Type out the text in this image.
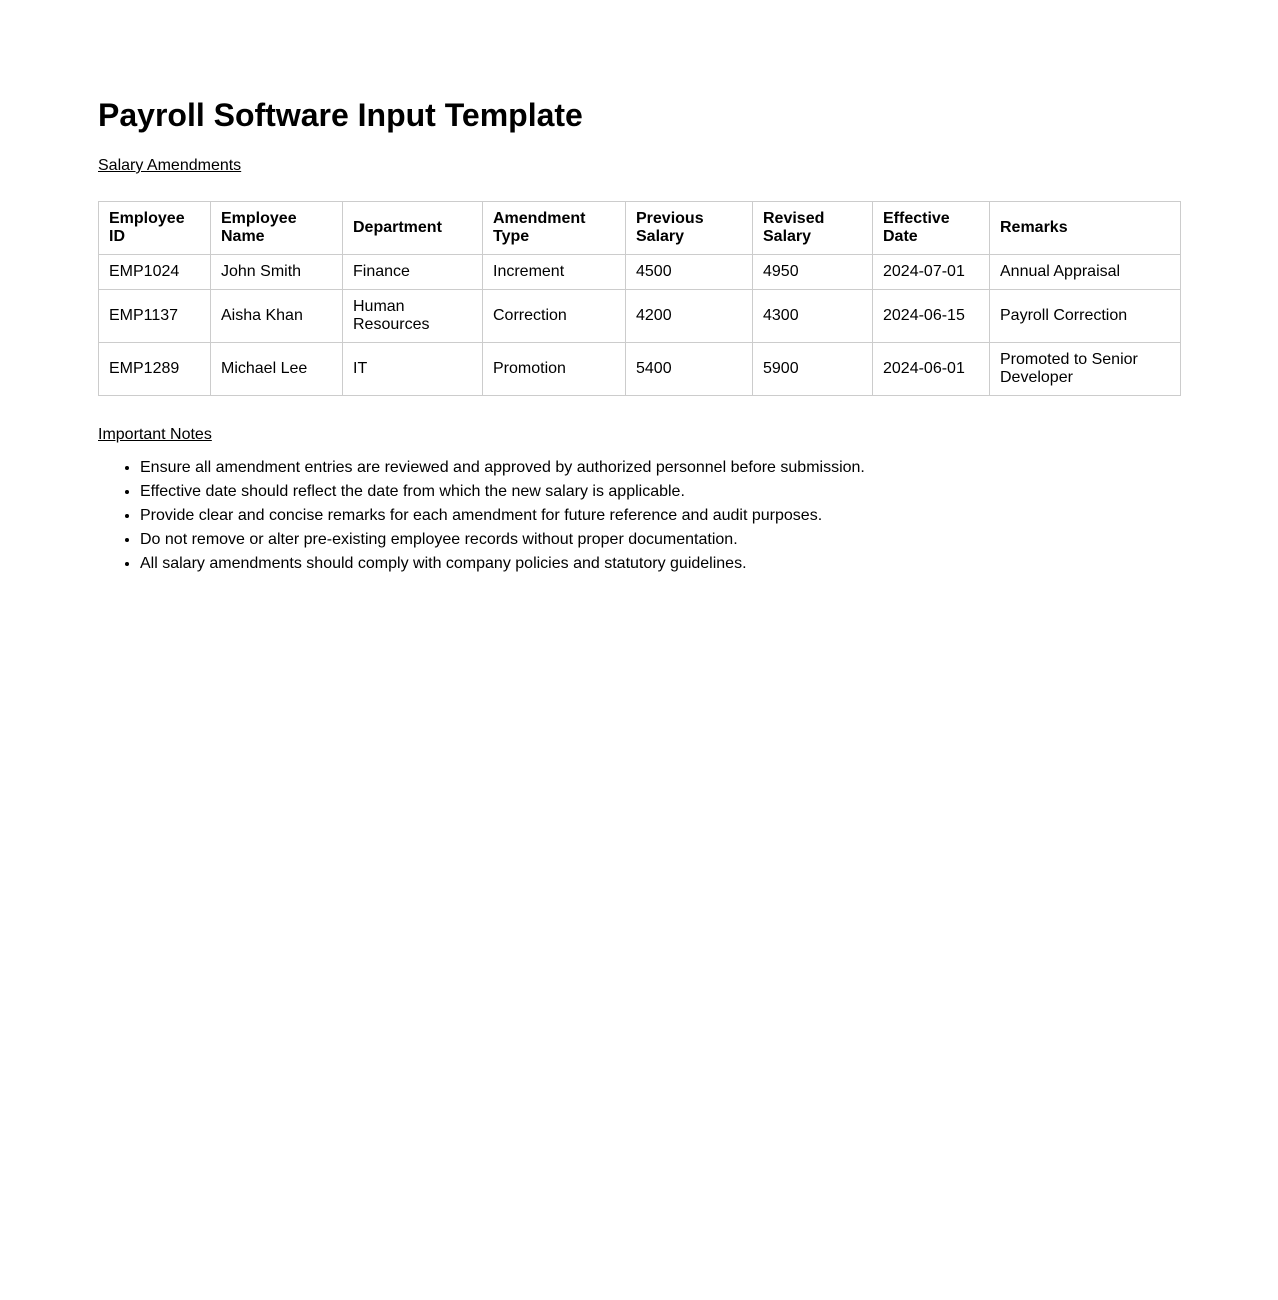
Payroll Software Input Template
Salary Amendments
Employee ID	Employee Name	Department	Amendment Type	Previous Salary	Revised Salary	Effective Date	Remarks
EMP1024	John Smith	Finance	Increment	4500	4950	2024-07-01	Annual Appraisal
EMP1137	Aisha Khan	Human Resources	Correction	4200	4300	2024-06-15	Payroll Correction
EMP1289	Michael Lee	IT	Promotion	5400	5900	2024-06-01	Promoted to Senior Developer
Important Notes
• Ensure all amendment entries are reviewed and approved by authorized personnel before submission.
• Effective date should reflect the date from which the new salary is applicable.
• Provide clear and concise remarks for each amendment for future reference and audit purposes.
• Do not remove or alter pre-existing employee records without proper documentation.
• All salary amendments should comply with company policies and statutory guidelines.
